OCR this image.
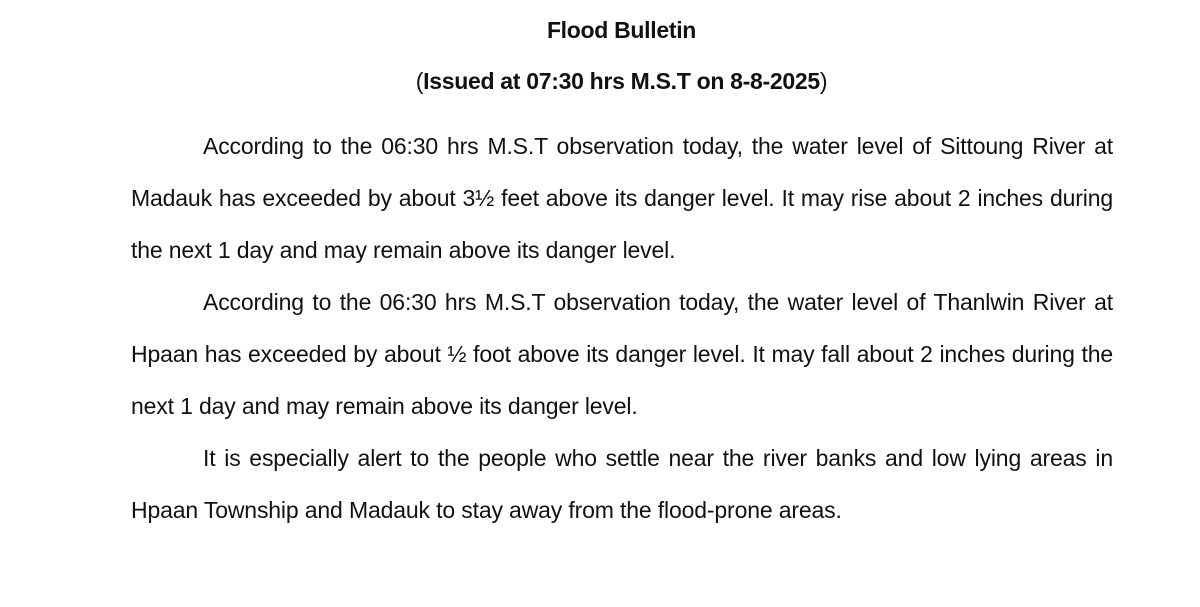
Flood Bulletin
(Issued at 07:30 hrs M.S.T on 8-8-2025)

According to the 06:30 hrs M.S.T observation today, the water level of Sittoung River at Madauk has exceeded by about 3½ feet above its danger level. It may rise about 2 inches during the next 1 day and may remain above its danger level.

According to the 06:30 hrs M.S.T observation today, the water level of Thanlwin River at Hpaan has exceeded by about ½ foot above its danger level. It may fall about 2 inches during the next 1 day and may remain above its danger level.

It is especially alert to the people who settle near the river banks and low lying areas in Hpaan Township and Madauk to stay away from the flood-prone areas.
